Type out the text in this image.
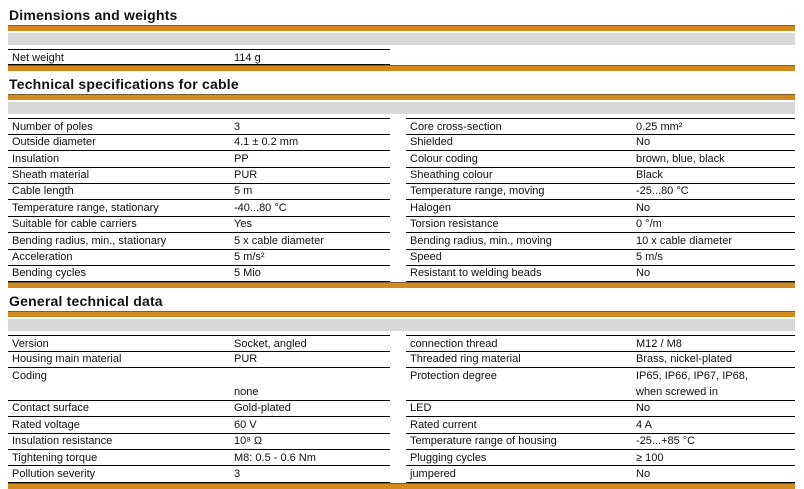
Dimensions and weights
Net weight	114 g
Technical specifications for cable
Number of poles	3
Outside diameter	4.1 ± 0.2 mm
Insulation	PP
Sheath material	PUR
Cable length	5 m
Temperature range, stationary	-40...80 °C
Suitable for cable carriers	Yes
Bending radius, min., stationary	5 x cable diameter
Acceleration	5 m/s²
Bending cycles	5 Mio
Core cross-section	0.25 mm²
Shielded	No
Colour coding	brown, blue, black
Sheathing colour	Black
Temperature range, moving	-25...80 °C
Halogen	No
Torsion resistance	0 °/m
Bending radius, min., moving	10 x cable diameter
Speed	5 m/s
Resistant to welding beads	No
General technical data
Version	Socket, angled
Housing main material	PUR
Coding
none
Contact surface	Gold-plated
Rated voltage	60 V
Insulation resistance	10⁸ Ω
Tightening torque	M8: 0.5 - 0.6 Nm
Pollution severity	3
connection thread	M12 / M8
Threaded ring material	Brass, nickel-plated
Protection degree	IP65, IP66, IP67, IP68,
when screwed in
LED	No
Rated current	4 A
Temperature range of housing	-25...+85 °C
Plugging cycles	≥ 100
jumpered	No
